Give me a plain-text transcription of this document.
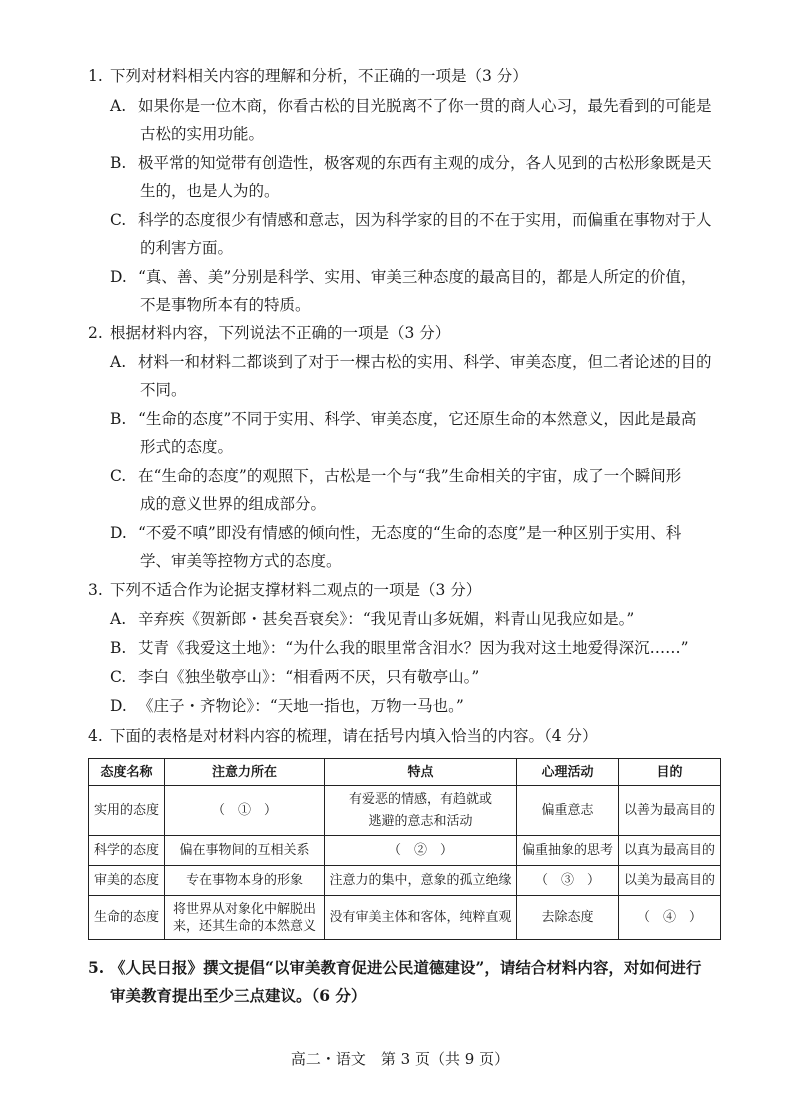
1. 下列对材料相关内容的理解和分析，不正确的一项是（3 分）
A. 如果你是一位木商，你看古松的目光脱离不了你一贯的商人心习，最先看到的可能是
古松的实用功能。
B. 极平常的知觉带有创造性，极客观的东西有主观的成分，各人见到的古松形象既是天
生的，也是人为的。
C. 科学的态度很少有情感和意志，因为科学家的目的不在于实用，而偏重在事物对于人
的利害方面。
D. “真、善、美”分别是科学、实用、审美三种态度的最高目的，都是人所定的价值，
不是事物所本有的特质。
2. 根据材料内容，下列说法不正确的一项是（3 分）
A. 材料一和材料二都谈到了对于一棵古松的实用、科学、审美态度，但二者论述的目的
不同。
B. “生命的态度”不同于实用、科学、审美态度，它还原生命的本然意义，因此是最高
形式的态度。
C. 在“生命的态度”的观照下，古松是一个与“我”生命相关的宇宙，成了一个瞬间形
成的意义世界的组成部分。
D. “不爱不嗔”即没有情感的倾向性，无态度的“生命的态度”是一种区别于实用、科
学、审美等控物方式的态度。
3. 下列不适合作为论据支撑材料二观点的一项是（3 分）
A. 辛弃疾《贺新郎・甚矣吾衰矣》：“我见青山多妩媚，料青山见我应如是。”
B. 艾青《我爱这土地》：“为什么我的眼里常含泪水？因为我对这土地爱得深沉……”
C. 李白《独坐敬亭山》：“相看两不厌，只有敬亭山。”
D. 《庄子・齐物论》：“天地一指也，万物一马也。”
4. 下面的表格是对材料内容的梳理，请在括号内填入恰当的内容。（4 分）
态度名称	注意力所在	特点	心理活动	目的
实用的态度	（　①　）	有爱恶的情感，有趋就或
逃避的意志和活动	偏重意志	以善为最高目的
科学的态度	偏在事物间的互相关系	（　②　）	偏重抽象的思考	以真为最高目的
审美的态度	专在事物本身的形象	注意力的集中，意象的孤立绝缘	（　③　）	以美为最高目的
生命的态度	将世界从对象化中解脱出
来，还其生命的本然意义	没有审美主体和客体，纯粹直观	去除态度	（　④　）
5. 《人民日报》撰文提倡“以审美教育促进公民道德建设”，请结合材料内容，对如何进行
审美教育提出至少三点建议。（6 分）
高二・语文　第 3 页（共 9 页）
